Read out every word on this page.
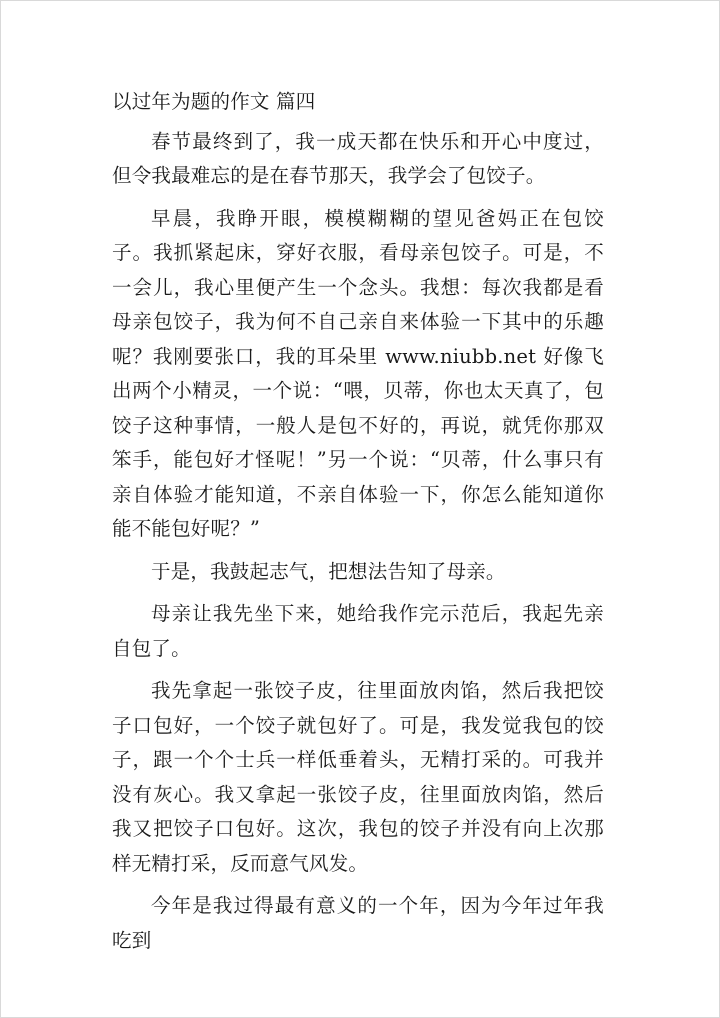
以过年为题的作文 篇四

春节最终到了，我一成天都在快乐和开心中度过，但令我最难忘的是在春节那天，我学会了包饺子。

早晨，我睁开眼，模模糊糊的望见爸妈正在包饺子。我抓紧起床，穿好衣服，看母亲包饺子。可是，不一会儿，我心里便产生一个念头。我想：每次我都是看母亲包饺子，我为何不自己亲自来体验一下其中的乐趣呢？我刚要张口，我的耳朵里 www.niubb.net 好像飞出两个小精灵，一个说：“喂，贝蒂，你也太天真了，包饺子这种事情，一般人是包不好的，再说，就凭你那双笨手，能包好才怪呢！”另一个说：“贝蒂，什么事只有亲自体验才能知道，不亲自体验一下，你怎么能知道你能不能包好呢？”

于是，我鼓起志气，把想法告知了母亲。

母亲让我先坐下来，她给我作完示范后，我起先亲自包了。

我先拿起一张饺子皮，往里面放肉馅，然后我把饺子口包好，一个饺子就包好了。可是，我发觉我包的饺子，跟一个个士兵一样低垂着头，无精打采的。可我并没有灰心。我又拿起一张饺子皮，往里面放肉馅，然后我又把饺子口包好。这次，我包的饺子并没有向上次那样无精打采，反而意气风发。

今年是我过得最有意义的一个年，因为今年过年我吃到
